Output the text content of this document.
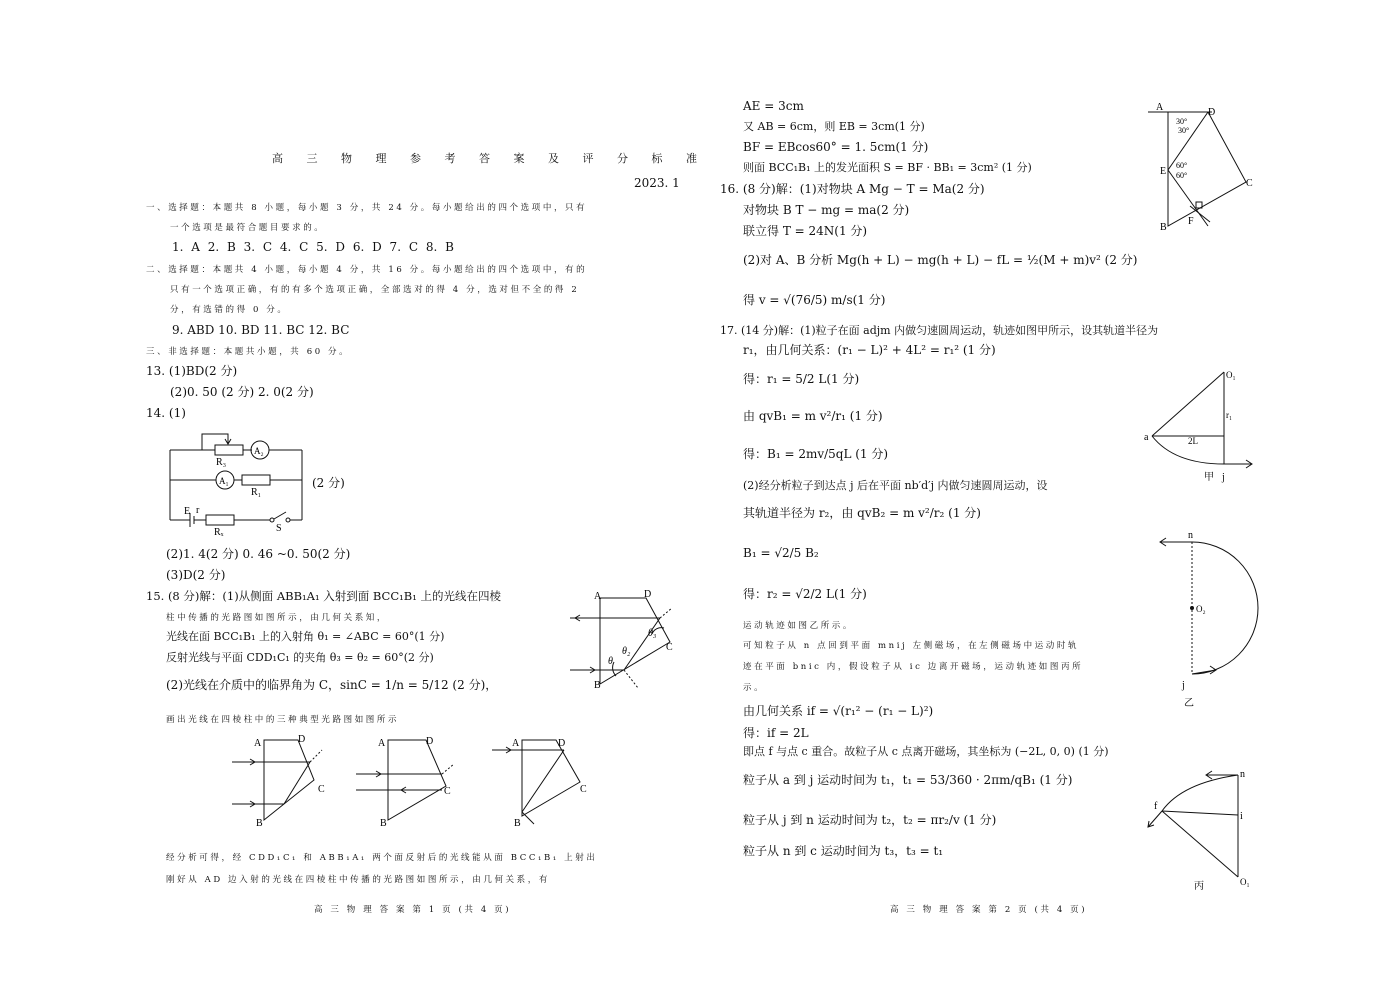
高 三 物 理 参 考 答 案 及 评 分 标 准
2023. 1
一、选择题：本题共 8 小题，每小题 3 分，共 24 分。每小题给出的四个选项中，只有
一个选项是最符合题目要求的。
1. A 2. B 3. C 4. C 5. D 6. D 7. C 8. B
二、选择题：本题共 4 小题，每小题 4 分，共 16 分。每小题给出的四个选项中，有的
只有一个选项正确，有的有多个选项正确，全部选对的得 4 分，选对但不全的得 2
分，有选错的得 0 分。
9. ABD 10. BD 11. BC 12. BC
三、非选择题：本题共小题，共 60 分。
13. (1)BD(2 分)
(2)0. 50 (2 分) 2. 0(2 分)
14. (1)
R₃
A₂
A₁
R₁
E r
Rₓ	S
(2 分)
(2)1. 4(2 分) 0. 46 ~0. 50(2 分)
(3)D(2 分)
15. (8 分)解：(1)从侧面 ABB₁A₁ 入射到面 BCC₁B₁ 上的光线在四棱
柱中传播的光路图如图所示，由几何关系知，
光线在面 BCC₁B₁ 上的入射角 θ₁ = ∠ABC = 60°(1 分)
反射光线与平面 CDD₁C₁ 的夹角 θ₃ = θ₂ = 60°(2 分)
(2)光线在介质中的临界角为 C，sinC = 1/n = 5/12 (2 分)，
画出光线在四棱柱中的三种典型光路图如图所示
A	D
C
B
θ
θ₂
θ₃
A	D
C
B
A	D
C
B
A	D
C
B
经分析可得，经 CDD₁C₁ 和 ABB₁A₁ 两个面反射后的光线能从面 BCC₁B₁ 上射出
刚好从 AD 边入射的光线在四棱柱中传播的光路图如图所示，由几何关系，有
高 三 物 理 答 案 第 1 页 (共 4 页)
AE = 3cm
又 AB = 6cm，则 EB = 3cm(1 分)
BF = EBcos60° = 1. 5cm(1 分)
则面 BCC₁B₁ 上的发光面积 S = BF · BB₁ = 3cm² (1 分)
A	D
E
B
C
F
30°
30°
60°
60°
16. (8 分)解：(1)对物块 A Mg − T = Ma(2 分)
对物块 B T − mg = ma(2 分)
联立得 T = 24N(1 分)
(2)对 A、B 分析 Mg(h + L) − mg(h + L) − fL = ½(M + m)v² (2 分)
得 v = √(76/5) m/s(1 分)
17. (14 分)解：(1)粒子在面 adjm 内做匀速圆周运动，轨迹如图甲所示，设其轨道半径为
r₁，由几何关系：(r₁ − L)² + 4L² = r₁² (1 分)
得：r₁ = 5/2 L(1 分)
由 qvB₁ = m v²/r₁ (1 分)
得：B₁ = 2mv/5qL (1 分)
(2)经分析粒子到达点 j 后在平面 nb′d′j 内做匀速圆周运动，设
其轨道半径为 r₂，由 qvB₂ = m v²/r₂ (1 分)
B₁ = √2/5 B₂
得：r₂ = √2/2 L(1 分)
运动轨迹如图乙所示。
可知粒子从 n 点回到平面 mnij 左侧磁场，在左侧磁场中运动时轨
迹在平面 bnic 内，假设粒子从 ic 边离开磁场，运动轨迹如图丙所
示。
由几何关系 if = √(r₁² − (r₁ − L)²)
得：if = 2L
即点 f 与点 c 重合。故粒子从 c 点离开磁场，其坐标为 (−2L, 0, 0) (1 分)
粒子从 a 到 j 运动时间为 t₁，t₁ = 53/360 · 2πm/qB₁ (1 分)
粒子从 j 到 n 运动时间为 t₂，t₂ = πr₂/v (1 分)
粒子从 n 到 c 运动时间为 t₃，t₃ = t₁
O₁
a
r₁
2L
甲 j
n
O₂
j
乙
n
f
i
O₁
丙
高 三 物 理 答 案 第 2 页 (共 4 页)
